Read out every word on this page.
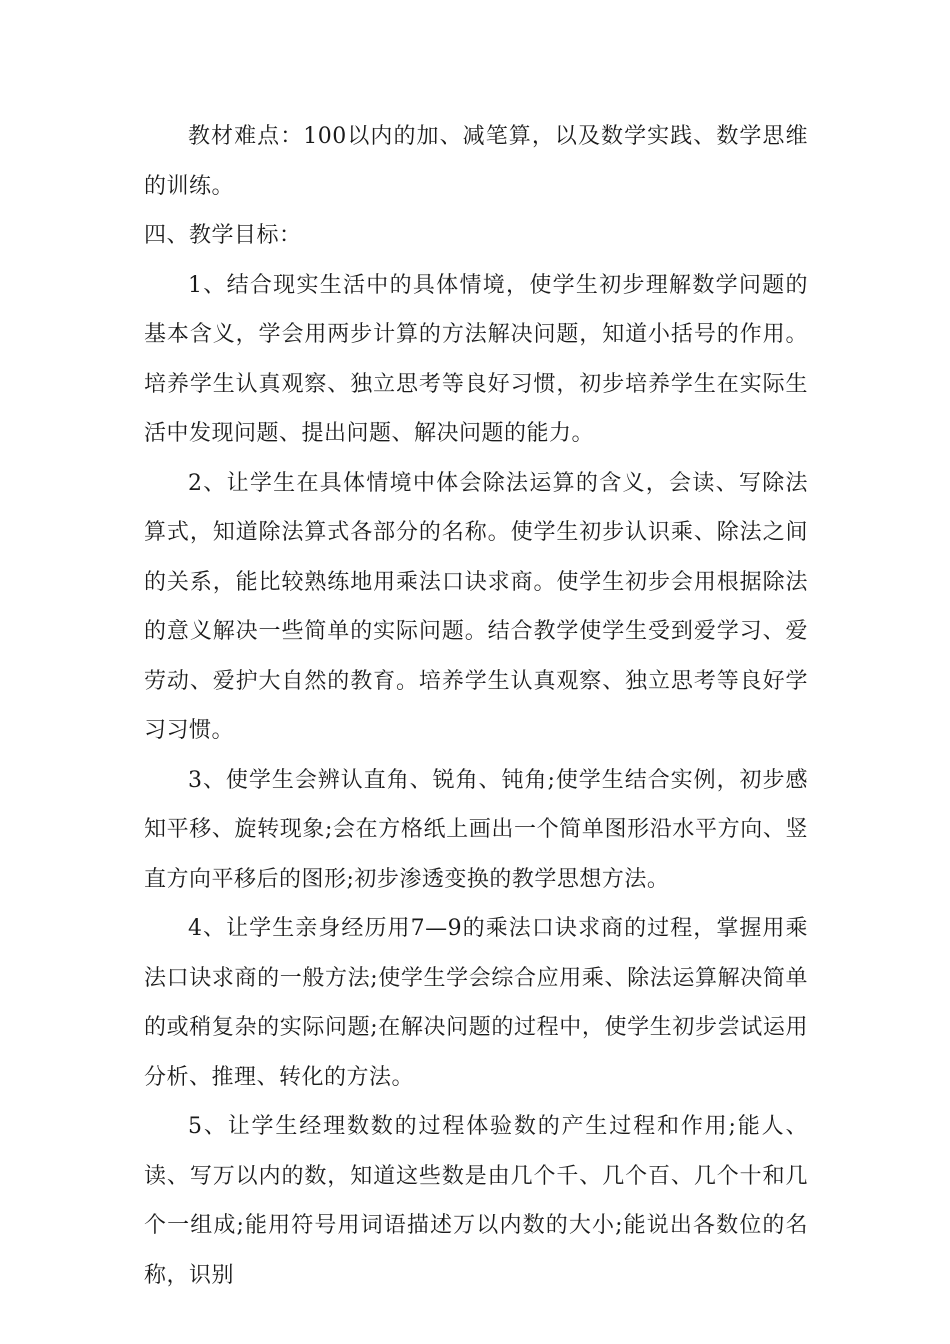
教材难点：100以内的加、减笔算，以及数学实践、数学思维的训练。

四、教学目标：

1、结合现实生活中的具体情境，使学生初步理解数学问题的基本含义，学会用两步计算的方法解决问题，知道小括号的作用。培养学生认真观察、独立思考等良好习惯，初步培养学生在实际生活中发现问题、提出问题、解决问题的能力。

2、让学生在具体情境中体会除法运算的含义，会读、写除法算式，知道除法算式各部分的名称。使学生初步认识乘、除法之间的关系，能比较熟练地用乘法口诀求商。使学生初步会用根据除法的意义解决一些简单的实际问题。结合教学使学生受到爱学习、爱劳动、爱护大自然的教育。培养学生认真观察、独立思考等良好学习习惯。

3、使学生会辨认直角、锐角、钝角;使学生结合实例，初步感知平移、旋转现象;会在方格纸上画出一个简单图形沿水平方向、竖直方向平移后的图形;初步渗透变换的教学思想方法。

4、让学生亲身经历用7—9的乘法口诀求商的过程，掌握用乘法口诀求商的一般方法;使学生学会综合应用乘、除法运算解决简单的或稍复杂的实际问题;在解决问题的过程中，使学生初步尝试运用分析、推理、转化的方法。

5、让学生经理数数的过程体验数的产生过程和作用;能人、读、写万以内的数，知道这些数是由几个千、几个百、几个十和几个一组成;能用符号用词语描述万以内数的大小;能说出各数位的名称，识别
